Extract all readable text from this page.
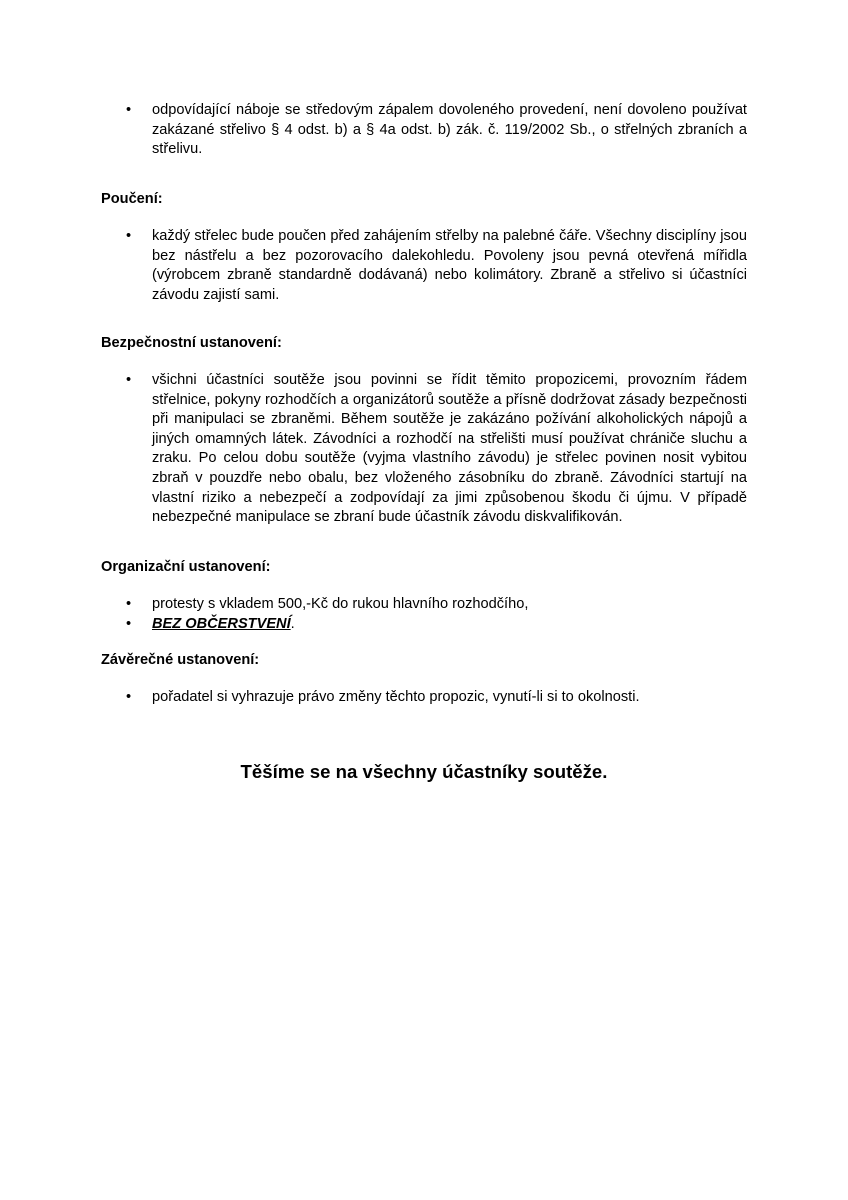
• odpovídající náboje se středovým zápalem dovoleného provedení, není dovoleno používat zakázané střelivo § 4 odst. b) a § 4a odst. b) zák. č. 119/2002 Sb., o střelných zbraních a střelivu.
Poučení:
• každý střelec bude poučen před zahájením střelby na palebné čáře. Všechny disciplíny jsou bez nástřelu a bez pozorovacího dalekohledu. Povoleny jsou pevná otevřená mířidla (výrobcem zbraně standardně dodávaná) nebo kolimátory. Zbraně a střelivo si účastníci závodu zajistí sami.
Bezpečnostní ustanovení:
• všichni účastníci soutěže jsou povinni se řídit těmito propozicemi, provozním řádem střelnice, pokyny rozhodčích a organizátorů soutěže a přísně dodržovat zásady bezpečnosti při manipulaci se zbraněmi. Během soutěže je zakázáno požívání alkoholických nápojů a jiných omamných látek. Závodníci a rozhodčí na střelišti musí používat chrániče sluchu a zraku. Po celou dobu soutěže (vyjma vlastního závodu) je střelec povinen nosit vybitou zbraň v pouzdře nebo obalu, bez vloženého zásobníku do zbraně. Závodníci startují na vlastní riziko a nebezpečí a zodpovídají za jimi způsobenou škodu či újmu. V případě nebezpečné manipulace se zbraní bude účastník závodu diskvalifikován.
Organizační ustanovení:
• protesty s vkladem 500,-Kč do rukou hlavního rozhodčího,
• BEZ OBČERSTVENÍ.
Závěrečné ustanovení:
• pořadatel si vyhrazuje právo změny těchto propozic, vynutí-li si to okolnosti.
Těšíme se na všechny účastníky soutěže.
